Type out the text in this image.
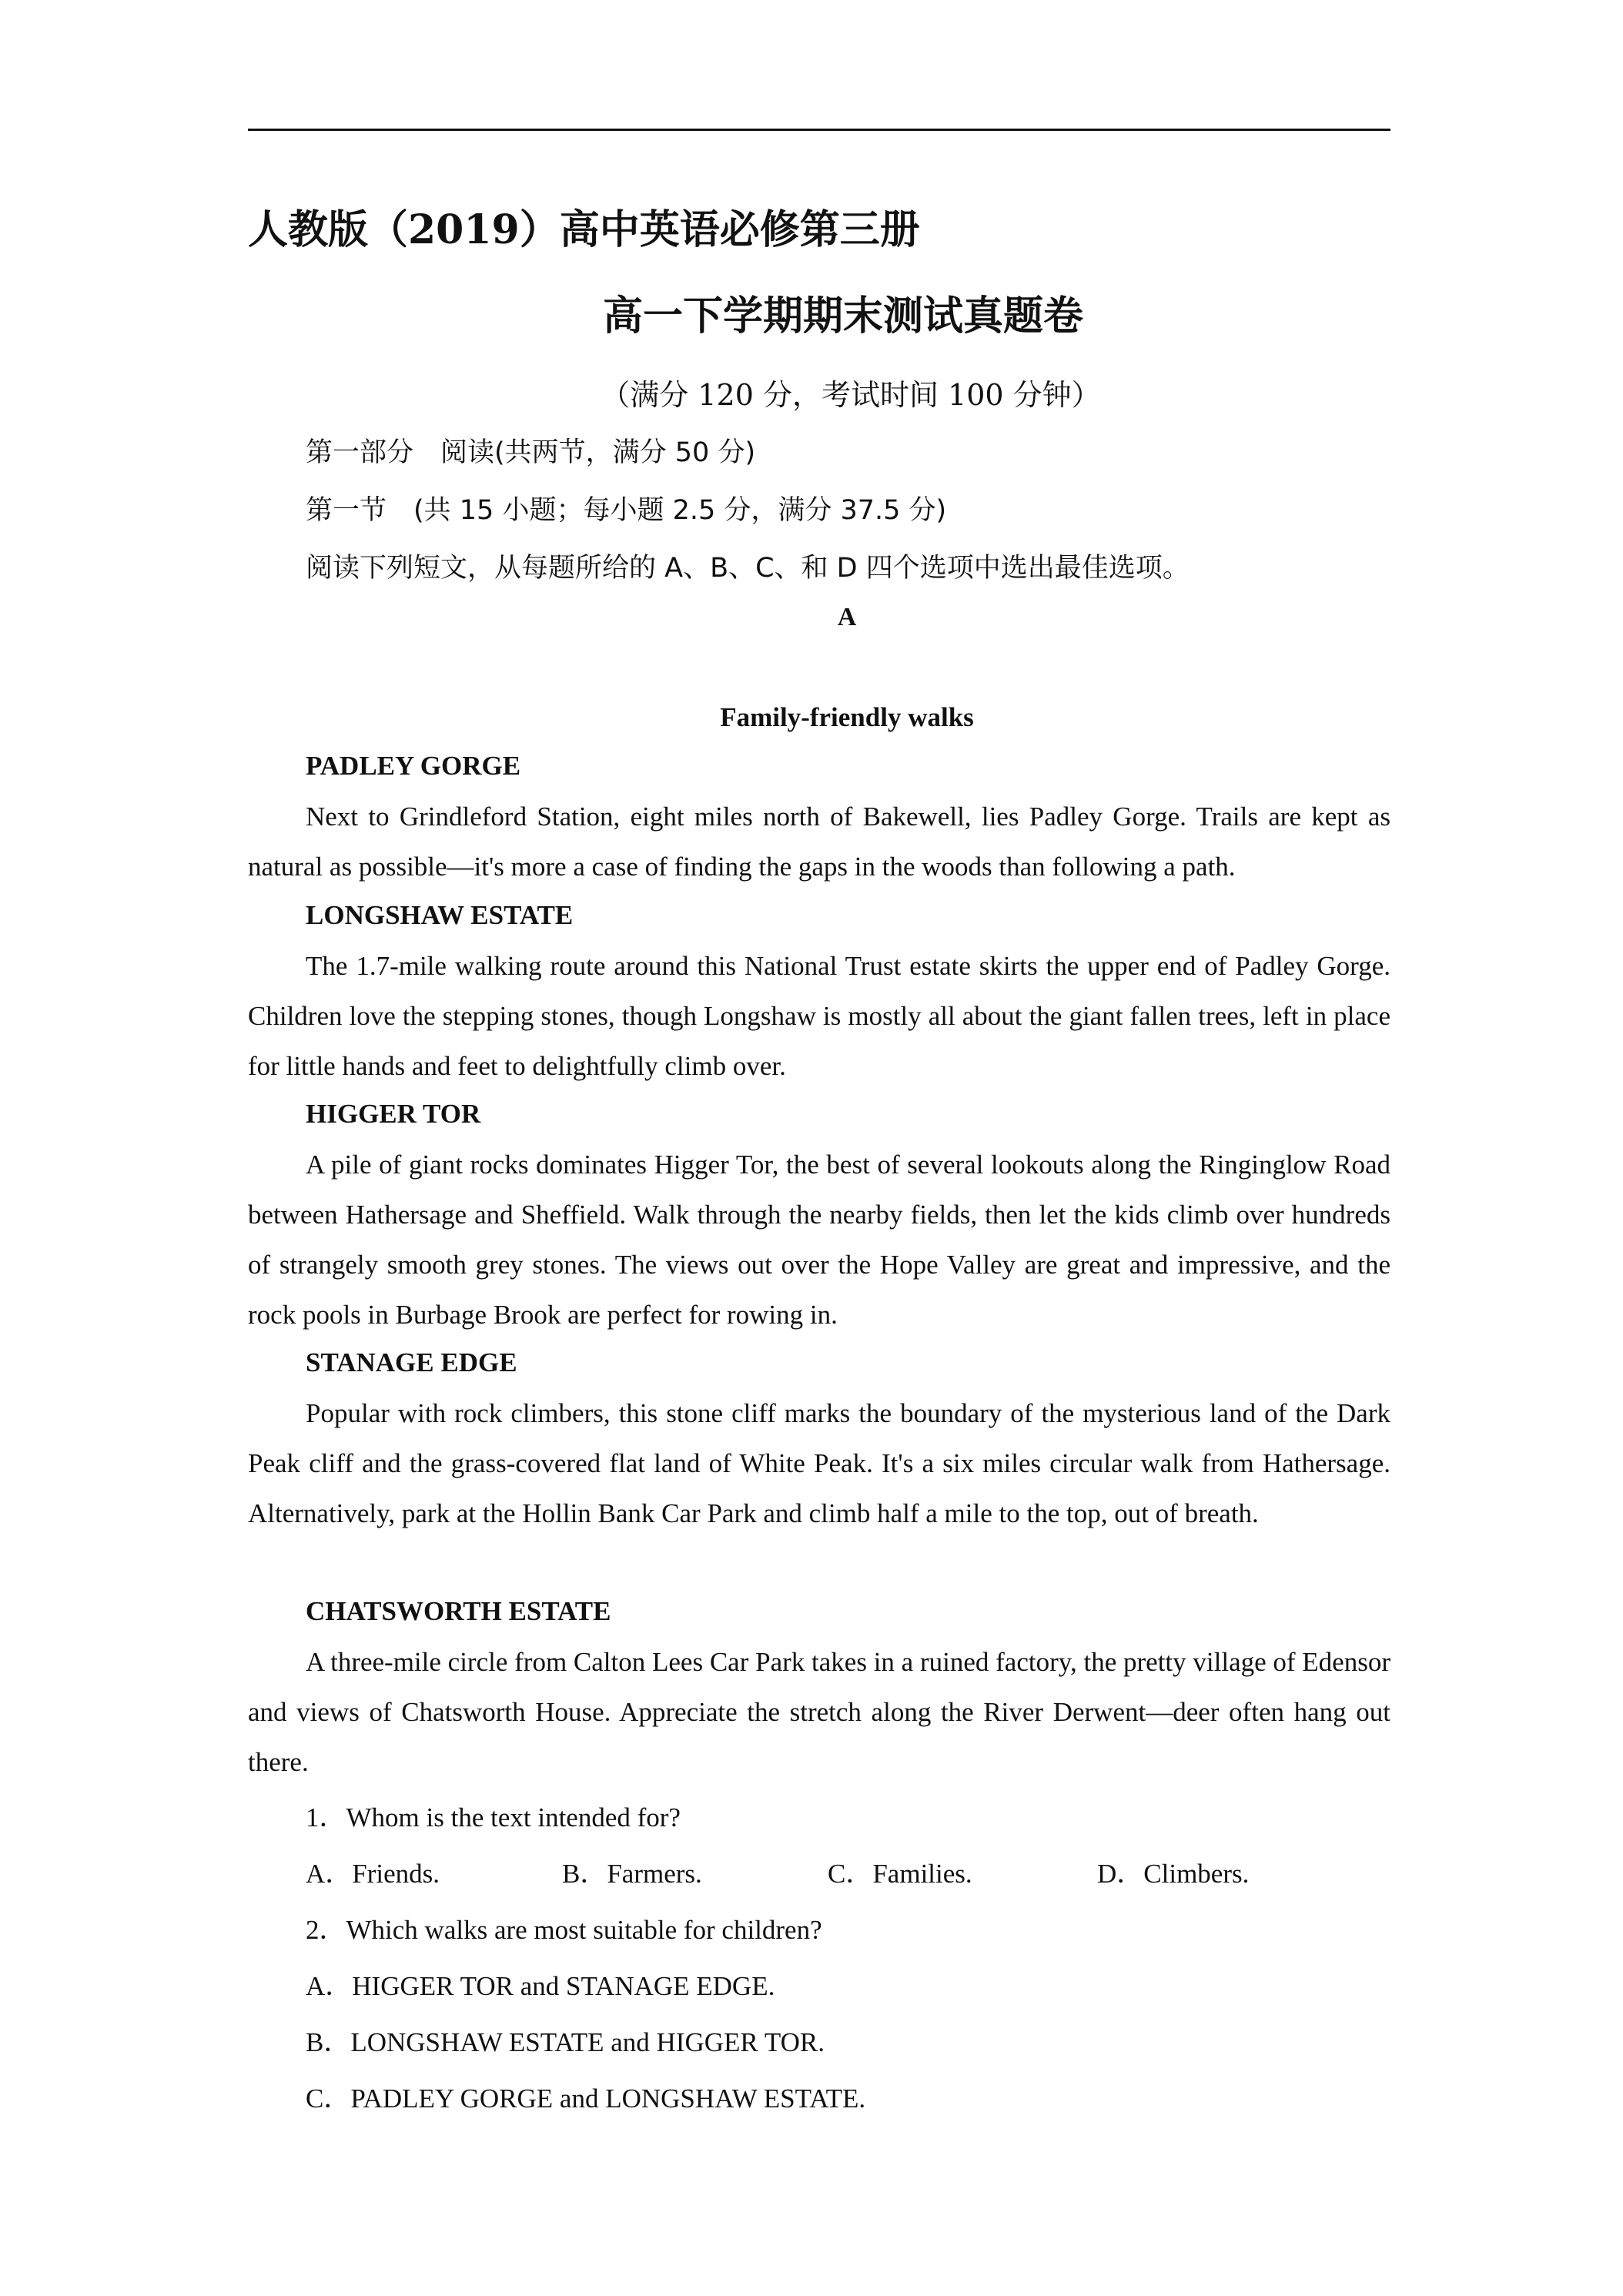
人教版（2019）高中英语必修第三册
高一下学期期末测试真题卷
（满分 120 分，考试时间 100 分钟）
第一部分　阅读(共两节，满分 50 分)
第一节　(共 15 小题；每小题 2.5 分，满分 37.5 分)
阅读下列短文，从每题所给的 A、B、C、和 D 四个选项中选出最佳选项。
A
Family-friendly walks
PADLEY GORGE
Next to Grindleford Station, eight miles north of Bakewell, lies Padley Gorge. Trails are kept as natural as possible—it's more a case of finding the gaps in the woods than following a path.
LONGSHAW ESTATE
The 1.7-mile walking route around this National Trust estate skirts the upper end of Padley Gorge. Children love the stepping stones, though Longshaw is mostly all about the giant fallen trees, left in place for little hands and feet to delightfully climb over.
HIGGER TOR
A pile of giant rocks dominates Higger Tor, the best of several lookouts along the Ringinglow Road between Hathersage and Sheffield. Walk through the nearby fields, then let the kids climb over hundreds of strangely smooth grey stones. The views out over the Hope Valley are great and impressive, and the rock pools in Burbage Brook are perfect for rowing in.
STANAGE EDGE
Popular with rock climbers, this stone cliff marks the boundary of the mysterious land of the Dark Peak cliff and the grass-covered flat land of White Peak. It's a six miles circular walk from Hathersage. Alternatively, park at the Hollin Bank Car Park and climb half a mile to the top, out of breath.
CHATSWORTH ESTATE
A three-mile circle from Calton Lees Car Park takes in a ruined factory, the pretty village of Edensor and views of Chatsworth House. Appreciate the stretch along the River Derwent—deer often hang out there.
1．Whom is the text intended for?
A．Friends.	B．Farmers.	C．Families.	D．Climbers.
2．Which walks are most suitable for children?
A．HIGGER TOR and STANAGE EDGE.
B．LONGSHAW ESTATE and HIGGER TOR.
C．PADLEY GORGE and LONGSHAW ESTATE.
